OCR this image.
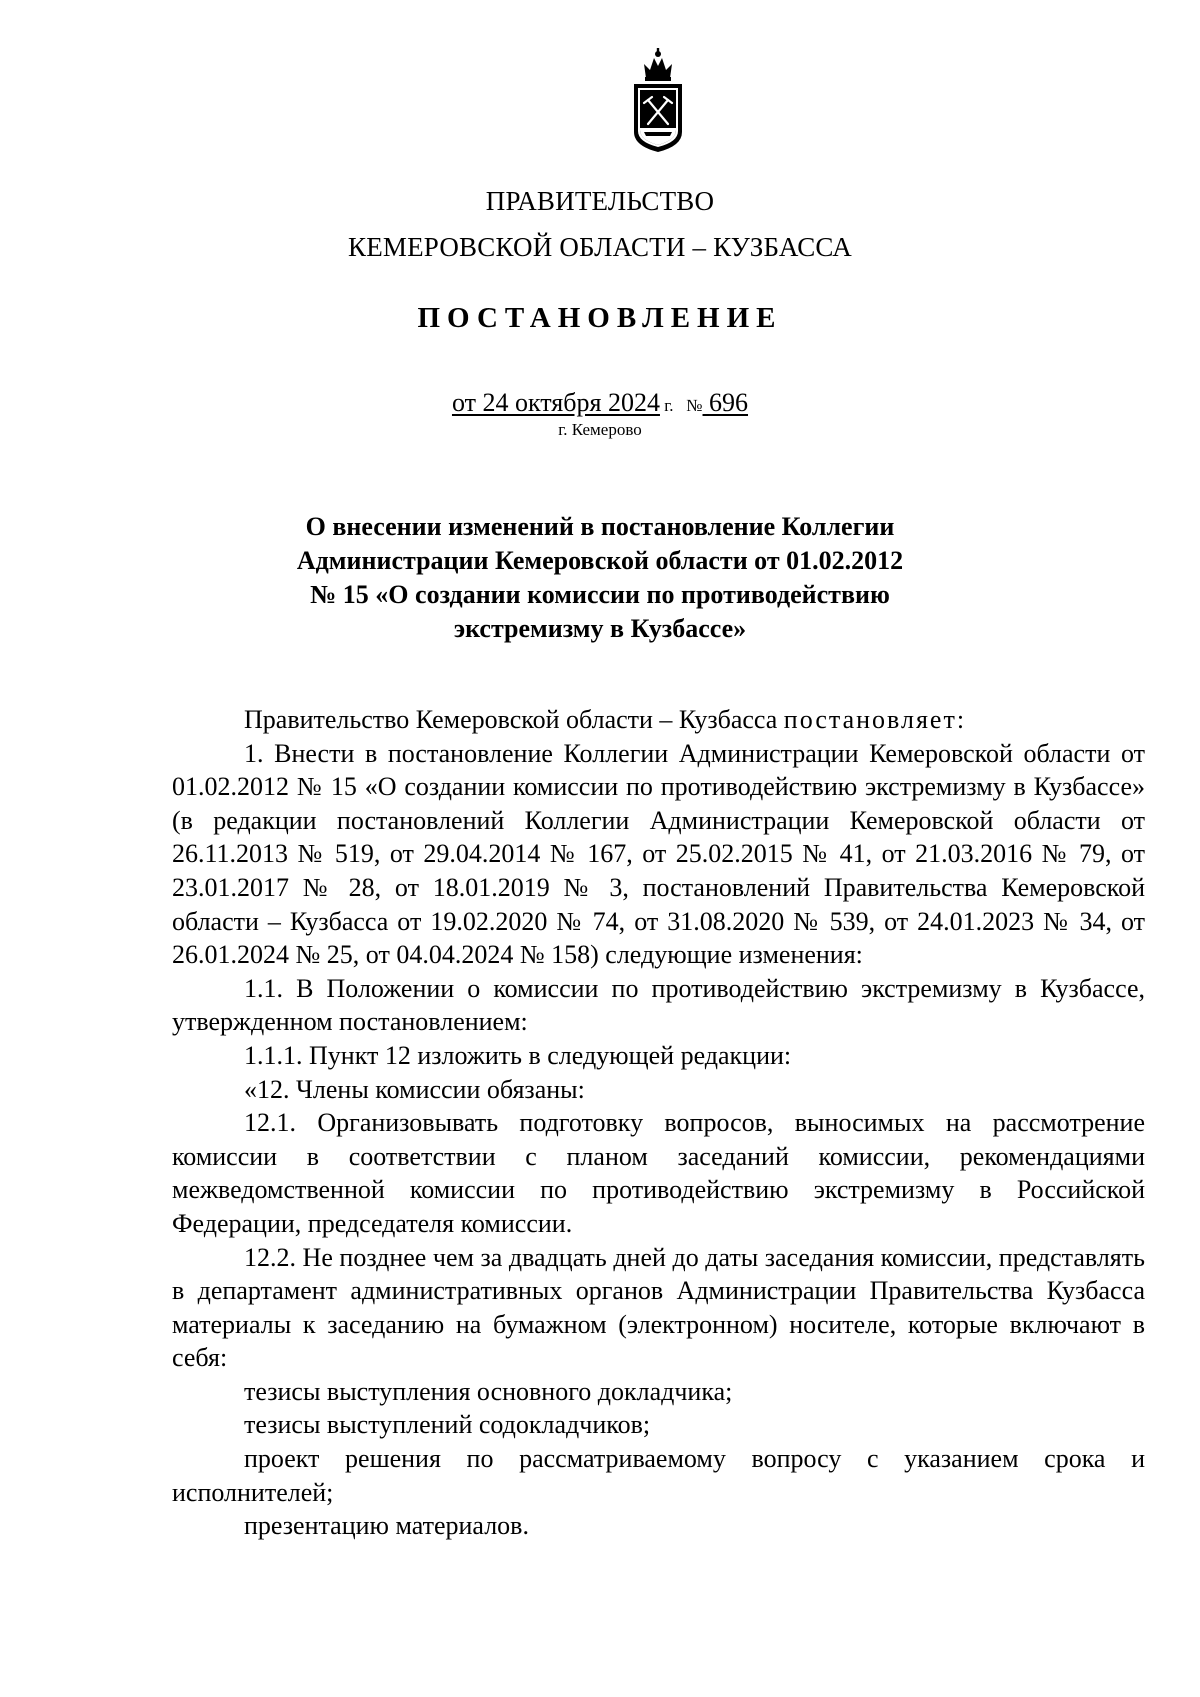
ПРАВИТЕЛЬСТВО
КЕМЕРОВСКОЙ ОБЛАСТИ – КУЗБАССА
ПОСТАНОВЛЕНИЕ
от 24 октября 2024 г. № 696
г. Кемерово
О внесении изменений в постановление Коллегии
Администрации Кемеровской области от 01.02.2012
№ 15 «О создании комиссии по противодействию
экстремизму в Кузбассе»

Правительство Кемеровской области – Кузбасса постановляет:

1. Внести в постановление Коллегии Администрации Кемеровской области от 01.02.2012 № 15 «О создании комиссии по противодействию экстремизму в Кузбассе» (в редакции постановлений Коллегии Администрации Кемеровской области от 26.11.2013 № 519, от 29.04.2014 № 167, от 25.02.2015 № 41, от 21.03.2016 № 79, от 23.01.2017 № 28, от 18.01.2019 № 3, постановлений Правительства Кемеровской области – Кузбасса от 19.02.2020 № 74, от 31.08.2020 № 539, от 24.01.2023 № 34, от 26.01.2024 № 25, от 04.04.2024 № 158) следующие изменения:

1.1. В Положении о комиссии по противодействию экстремизму в Кузбассе, утвержденном постановлением:

1.1.1. Пункт 12 изложить в следующей редакции:

«12. Члены комиссии обязаны:

12.1. Организовывать подготовку вопросов, выносимых на рассмотрение комиссии в соответствии с планом заседаний комиссии, рекомендациями межведомственной комиссии по противодействию экстремизму в Российской Федерации, председателя комиссии.

12.2. Не позднее чем за двадцать дней до даты заседания комиссии, представлять в департамент административных органов Администрации Правительства Кузбасса материалы к заседанию на бумажном (электронном) носителе, которые включают в себя:

тезисы выступления основного докладчика;

тезисы выступлений содокладчиков;

проект решения по рассматриваемому вопросу с указанием срока и исполнителей;

презентацию материалов.
